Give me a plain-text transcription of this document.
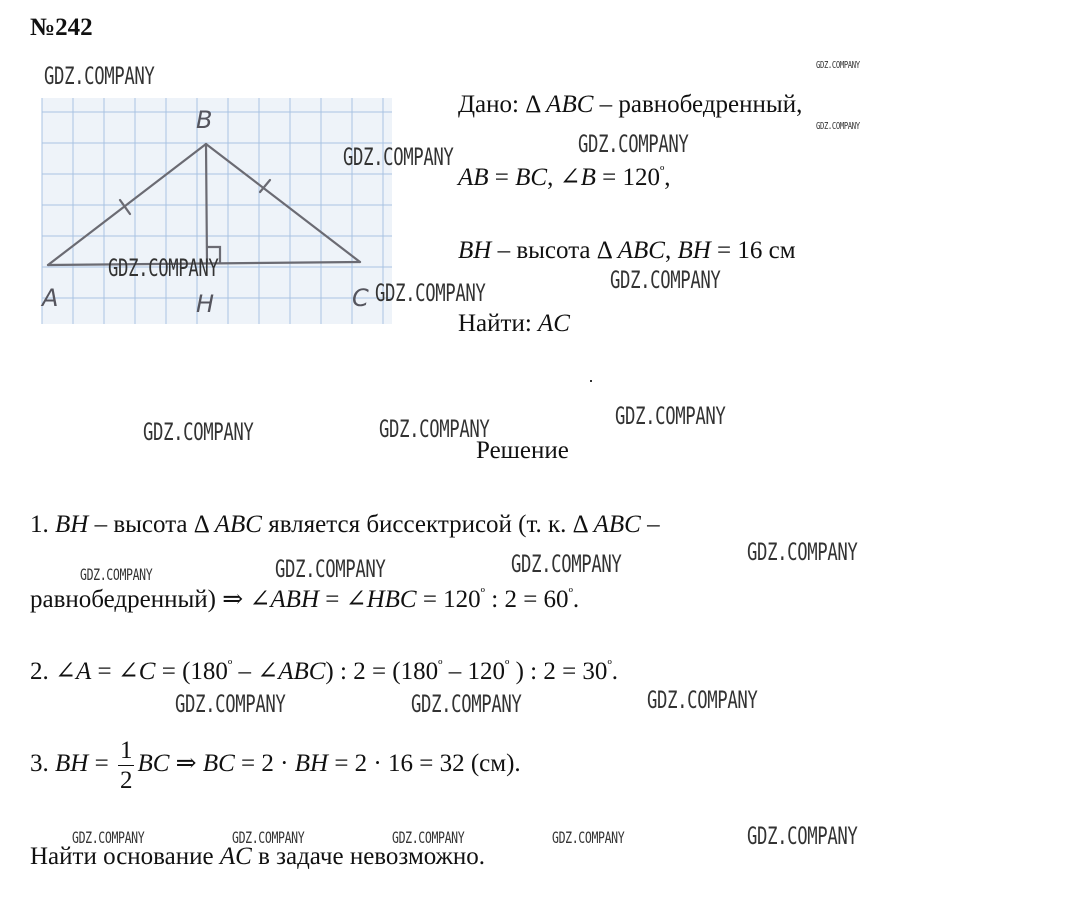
№242
B
A	H	C
Дано: Δ ABC – равнобедренный,
AB = BC, ∠B = $120^º$,
BH – высота Δ ABC, BH = 16 см
Найти: AC
Решение
1. BH – высота Δ ABC является биссектрисой (т. к. Δ ABC –
равнобедренный) ⇒ ∠ABH = ∠HBC = $120^º$ : $2 = 60^º$.
2. ∠A = ∠C = ($180^º$ – ∠ABC) : $2 = (180^º - 120^º$ ) : $2 = 30^º$.
3. BH = $\frac{1}{2}$ BC ⇒ BC = 2 · BH = 2 · 16 = 32 (см).
Найти основание AC в задаче невозможно.
GDZ.COMPANY	GDZ.COMPANY
GDZ.COMPANY
GDZ.COMPANY
GDZ.COMPANY
GDZ.COMPANY	GDZ.COMPANY
GDZ.COMPANY
GDZ.COMPANY
GDZ.COMPANY
GDZ.COMPANY
GDZ.COMPANY
GDZ.COMPANY
GDZ.COMPANY
GDZ.COMPANY
GDZ.COMPANY
GDZ.COMPANY	GDZ.COMPANY
GDZ.COMPANY
GDZ.COMPANY	GDZ.COMPANY	GDZ.COMPANY	GDZ.COMPANY
